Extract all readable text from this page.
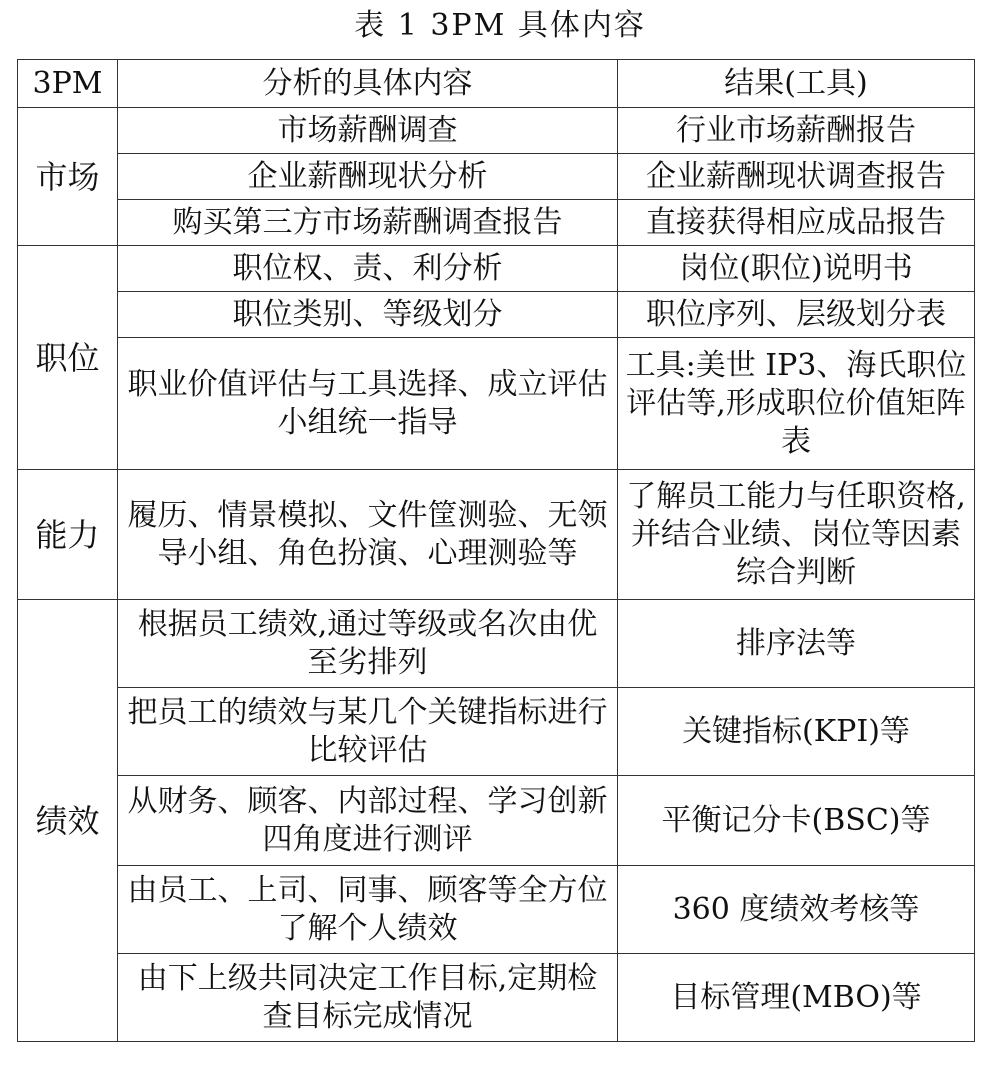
表 1 3PM 具体内容
3PM	分析的具体内容	结果(工具)
市场	市场薪酬调查	行业市场薪酬报告
	企业薪酬现状分析	企业薪酬现状调查报告
	购买第三方市场薪酬调查报告	直接获得相应成品报告
职位	职位权、责、利分析	岗位(职位)说明书
	职位类别、等级划分	职位序列、层级划分表
	职业价值评估与工具选择、成立评估小组统一指导	工具:美世 IP3、海氏职位评估等,形成职位价值矩阵表
能力	履历、情景模拟、文件筐测验、无领导小组、角色扮演、心理测验等	了解员工能力与任职资格,并结合业绩、岗位等因素综合判断
绩效	根据员工绩效,通过等级或名次由优至劣排列	排序法等
	把员工的绩效与某几个关键指标进行比较评估	关键指标(KPI)等
	从财务、顾客、内部过程、学习创新四角度进行测评	平衡记分卡(BSC)等
	由员工、上司、同事、顾客等全方位了解个人绩效	360 度绩效考核等
	由下上级共同决定工作目标,定期检查目标完成情况	目标管理(MBO)等
